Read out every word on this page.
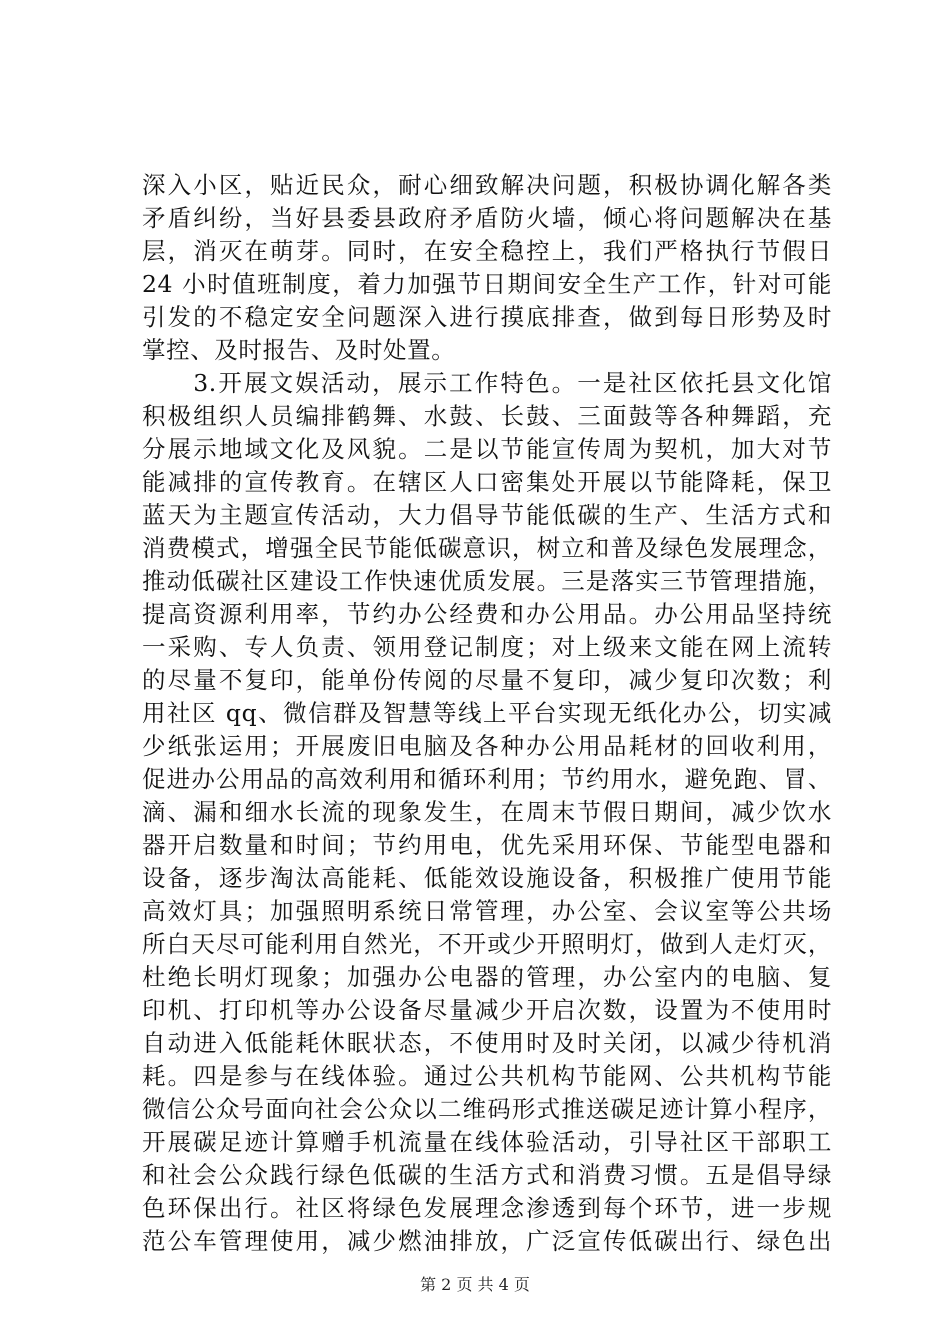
深入小区，贴近民众，耐心细致解决问题，积极协调化解各类
矛盾纠纷，当好县委县政府矛盾防火墙，倾心将问题解决在基
层，消灭在萌芽。同时，在安全稳控上，我们严格执行节假日
24 小时值班制度，着力加强节日期间安全生产工作，针对可能
引发的不稳定安全问题深入进行摸底排查，做到每日形势及时
掌控、及时报告、及时处置。
　　3.开展文娱活动，展示工作特色。一是社区依托县文化馆
积极组织人员编排鹤舞、水鼓、长鼓、三面鼓等各种舞蹈，充
分展示地域文化及风貌。二是以节能宣传周为契机，加大对节
能减排的宣传教育。在辖区人口密集处开展以节能降耗，保卫
蓝天为主题宣传活动，大力倡导节能低碳的生产、生活方式和
消费模式，增强全民节能低碳意识，树立和普及绿色发展理念，
推动低碳社区建设工作快速优质发展。三是落实三节管理措施，
提高资源利用率，节约办公经费和办公用品。办公用品坚持统
一采购、专人负责、领用登记制度；对上级来文能在网上流转
的尽量不复印，能单份传阅的尽量不复印，减少复印次数；利
用社区 qq、微信群及智慧等线上平台实现无纸化办公，切实减
少纸张运用；开展废旧电脑及各种办公用品耗材的回收利用，
促进办公用品的高效利用和循环利用；节约用水，避免跑、冒、
滴、漏和细水长流的现象发生，在周末节假日期间，减少饮水
器开启数量和时间；节约用电，优先采用环保、节能型电器和
设备，逐步淘汰高能耗、低能效设施设备，积极推广使用节能
高效灯具；加强照明系统日常管理，办公室、会议室等公共场
所白天尽可能利用自然光，不开或少开照明灯，做到人走灯灭，
杜绝长明灯现象；加强办公电器的管理，办公室内的电脑、复
印机、打印机等办公设备尽量减少开启次数，设置为不使用时
自动进入低能耗休眠状态，不使用时及时关闭，以减少待机消
耗。四是参与在线体验。通过公共机构节能网、公共机构节能
微信公众号面向社会公众以二维码形式推送碳足迹计算小程序，
开展碳足迹计算赠手机流量在线体验活动，引导社区干部职工
和社会公众践行绿色低碳的生活方式和消费习惯。五是倡导绿
色环保出行。社区将绿色发展理念渗透到每个环节，进一步规
范公车管理使用，减少燃油排放，广泛宣传低碳出行、绿色出
第 2 页 共 4 页
